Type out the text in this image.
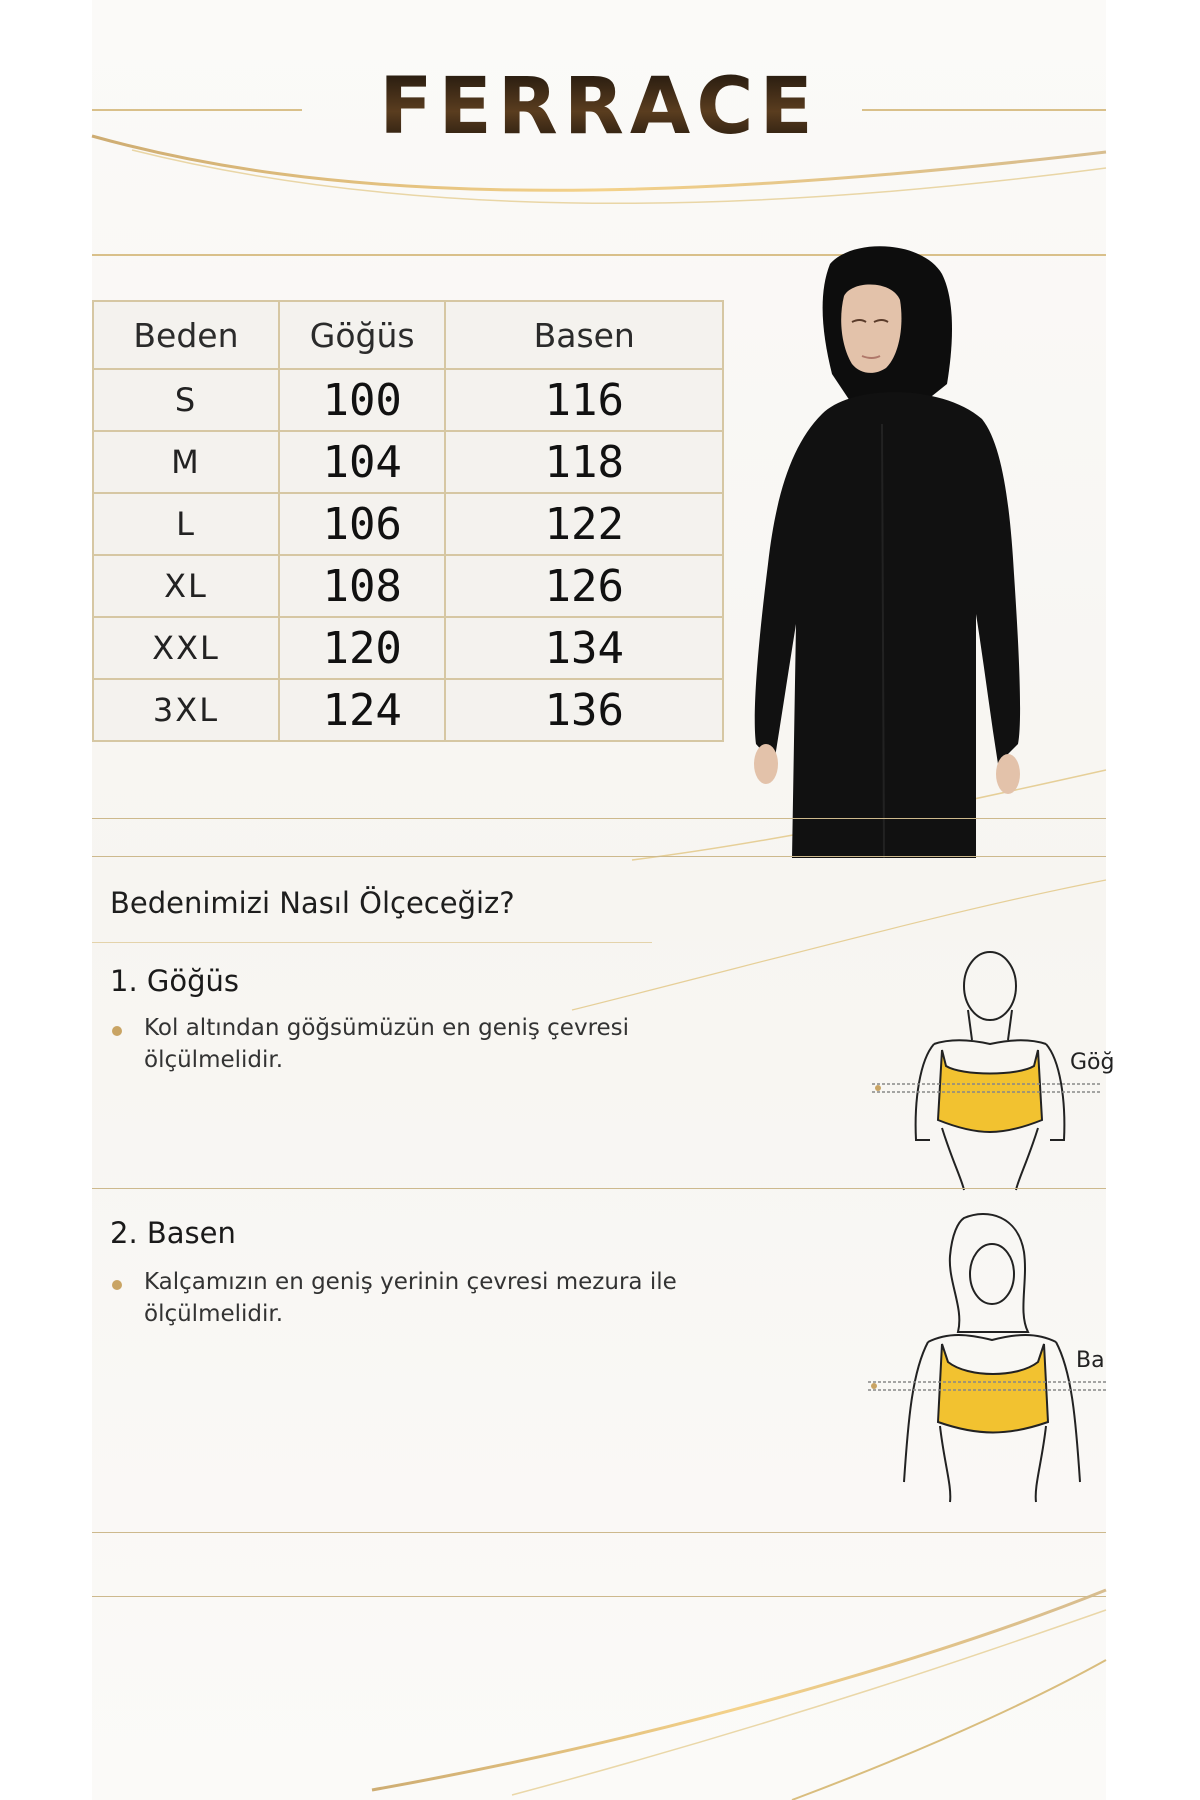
FERRACE
Beden	Göğüs	Basen
S	100	116
M	104	118
L	106	122
XL	108	126
XXL	120	134
3XL	124	136
Bedenimizi Nasıl Ölçeceğiz?
1. Göğüs
Kol altından göğsümüzün en geniş çevresi ölçülmelidir.	Göğ
2. Basen
Kalçamızın en geniş yerinin çevresi mezura ile ölçülmelidir.
Ba
